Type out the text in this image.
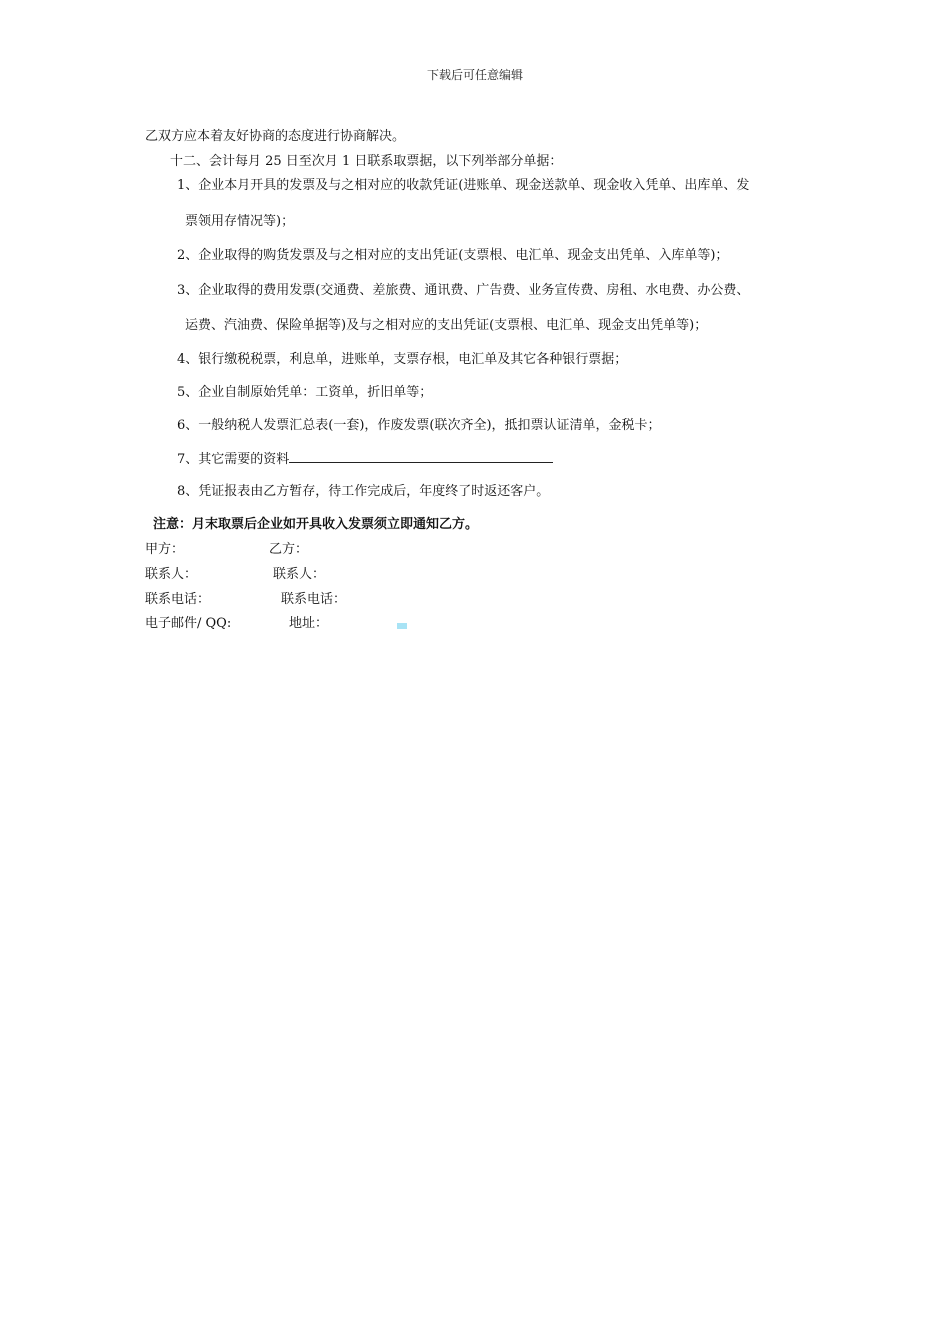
下载后可任意编辑
乙双方应本着友好协商的态度进行协商解决。
十二、会计每月 25 日至次月 1 日联系取票据，以下列举部分单据：
1、企业本月开具的发票及与之相对应的收款凭证(进账单、现金送款单、现金收入凭单、出库单、发
票领用存情况等)；
2、企业取得的购货发票及与之相对应的支出凭证(支票根、电汇单、现金支出凭单、入库单等)；
3、企业取得的费用发票(交通费、差旅费、通讯费、广告费、业务宣传费、房租、水电费、办公费、
运费、汽油费、保险单据等)及与之相对应的支出凭证(支票根、电汇单、现金支出凭单等)；
4、银行缴税税票，利息单，进账单，支票存根，电汇单及其它各种银行票据；
5、企业自制原始凭单：工资单，折旧单等；
6、一般纳税人发票汇总表(一套)，作废发票(联次齐全)，抵扣票认证清单，金税卡；
7、其它需要的资料
8、凭证报表由乙方暂存，待工作完成后，年度终了时返还客户。
注意：月末取票后企业如开具收入发票须立即通知乙方。
甲方：	乙方：
联系人：	联系人：
联系电话：	联系电话：
电子邮件/ QQ:	地址：
